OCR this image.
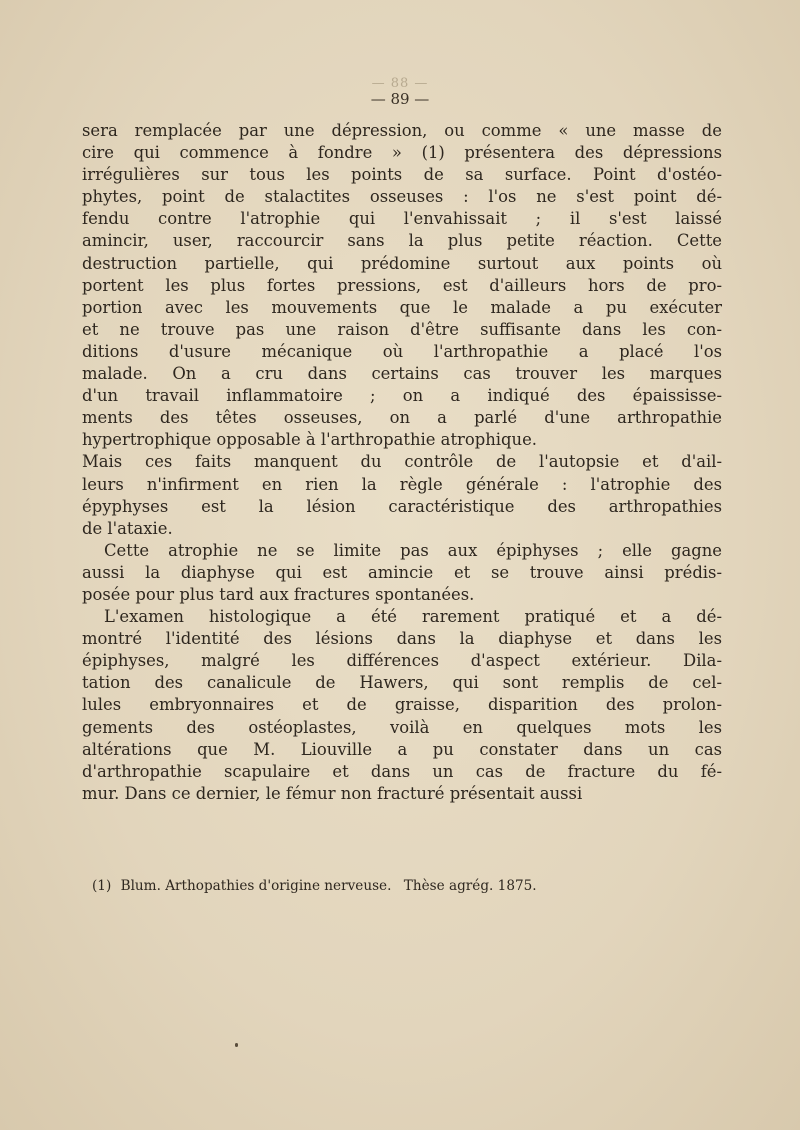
— 88 —
— 89 —
sera remplacée par une dépression, ou comme « une masse de
cire qui commence à fondre » (1) présentera des dépressions
irrégulières sur tous les points de sa surface. Point d'ostéo-
phytes, point de stalactites osseuses : l'os ne s'est point dé-
fendu contre l'atrophie qui l'envahissait ; il s'est laissé
amincir, user, raccourcir sans la plus petite réaction. Cette
destruction partielle, qui prédomine surtout aux points où
portent les plus fortes pressions, est d'ailleurs hors de pro-
portion avec les mouvements que le malade a pu exécuter
et ne trouve pas une raison d'être suffisante dans les con-
ditions d'usure mécanique où l'arthropathie a placé l'os
malade. On a cru dans certains cas trouver les marques
d'un travail inflammatoire ; on a indiqué des épaississe-
ments des têtes osseuses, on a parlé d'une arthropathie
hypertrophique opposable à l'arthropathie atrophique.
Mais ces faits manquent du contrôle de l'autopsie et d'ail-
leurs n'infirment en rien la règle générale : l'atrophie des
épyphyses est la lésion caractéristique des arthropathies
de l'ataxie.
Cette atrophie ne se limite pas aux épiphyses ; elle gagne
aussi la diaphyse qui est amincie et se trouve ainsi prédis-
posée pour plus tard aux fractures spontanées.
L'examen histologique a été rarement pratiqué et a dé-
montré l'identité des lésions dans la diaphyse et dans les
épiphyses, malgré les différences d'aspect extérieur. Dila-
tation des canalicule de Hawers, qui sont remplis de cel-
lules embryonnaires et de graisse, disparition des prolon-
gements des ostéoplastes, voilà en quelques mots les
altérations que M. Liouville a pu constater dans un cas
d'arthropathie scapulaire et dans un cas de fracture du fé-
mur. Dans ce dernier, le fémur non fracturé présentait aussi
(1) Blum. Arthopathies d'origine nerveuse. Thèse agrég. 1875.
